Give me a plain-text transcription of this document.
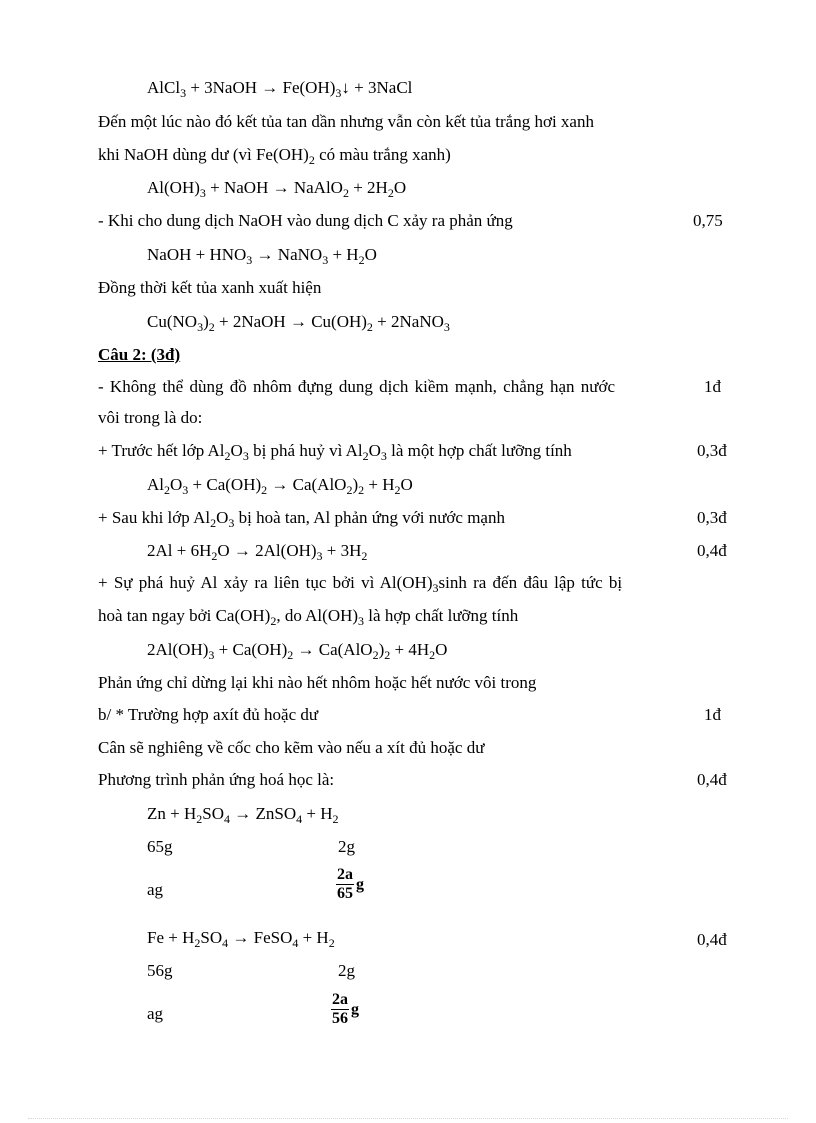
AlCl$_3$ + 3NaOH → $Fe(OH)_3↓$ + 3NaCl
Đến một lúc nào đó kết tủa tan dần nhưng vẫn còn kết tủa trắng hơi xanh
khi NaOH dùng dư (vì $Fe(OH)_2$ có màu trắng xanh)
$Al(OH)_3$ + NaOH → NaAlO$_2$ + $2H_2O$
- Khi cho dung dịch NaOH vào dung dịch C xảy ra phản ứng	0,75
NaOH + $HNO_3$ → NaNO$_3$ + $H_2O$
Đồng thời kết tủa xanh xuất hiện
$Cu(NO_3)_2$ + 2NaOH → $Cu(OH)_2$ + 2NaNO$_3$
Câu 2: (3đ)
- Không thể dùng đồ nhôm đựng dung dịch kiềm mạnh, chẳng hạn nước	1đ
vôi trong là do:
+ Trước hết lớp $Al_2O_3$ bị phá huỷ vì $Al_2O_3$ là một hợp chất lưỡng tính	0,3đ
$Al_2O_3 + Ca(OH)_2 \to Ca(AlO_2)_2 + H_2O$
+ Sau khi lớp $Al_2O_3$ bị hoà tan, Al phản ứng với nước mạnh	0,3đ
$2Al + 6H_2O \to 2Al(OH)_3 + 3H_2$	0,4đ
+ Sự phá huỷ Al xảy ra liên tục bởi vì $Al(OH)_3\sinh$ ra đến đâu lập tức bị
hoà tan ngay bởi $Ca(OH)_2$, do $Al(OH)_3$ là hợp chất lưỡng tính
$2Al(OH)_3 + Ca(OH)_2 \to Ca(AlO_2)_2 + 4H_2O$
Phản ứng chỉ dừng lại khi nào hết nhôm hoặc hết nước vôi trong
b/ * Trường hợp axít đủ hoặc dư	1đ
Cân sẽ nghiêng về cốc cho kẽm vào nếu a xít đủ hoặc dư
Phương trình phản ứng hoá học là:	0,4đ
$Zn + H_2SO_4$ → ZnSO$_4$ + $H_2$
65g	2g
ag	$\frac{2a}{65}$ g
$Fe + H_2SO_4$ → FeSO$_4$ + $H_2$	0,4đ
56g	2g
ag	$\frac{2a}{56}$ g
